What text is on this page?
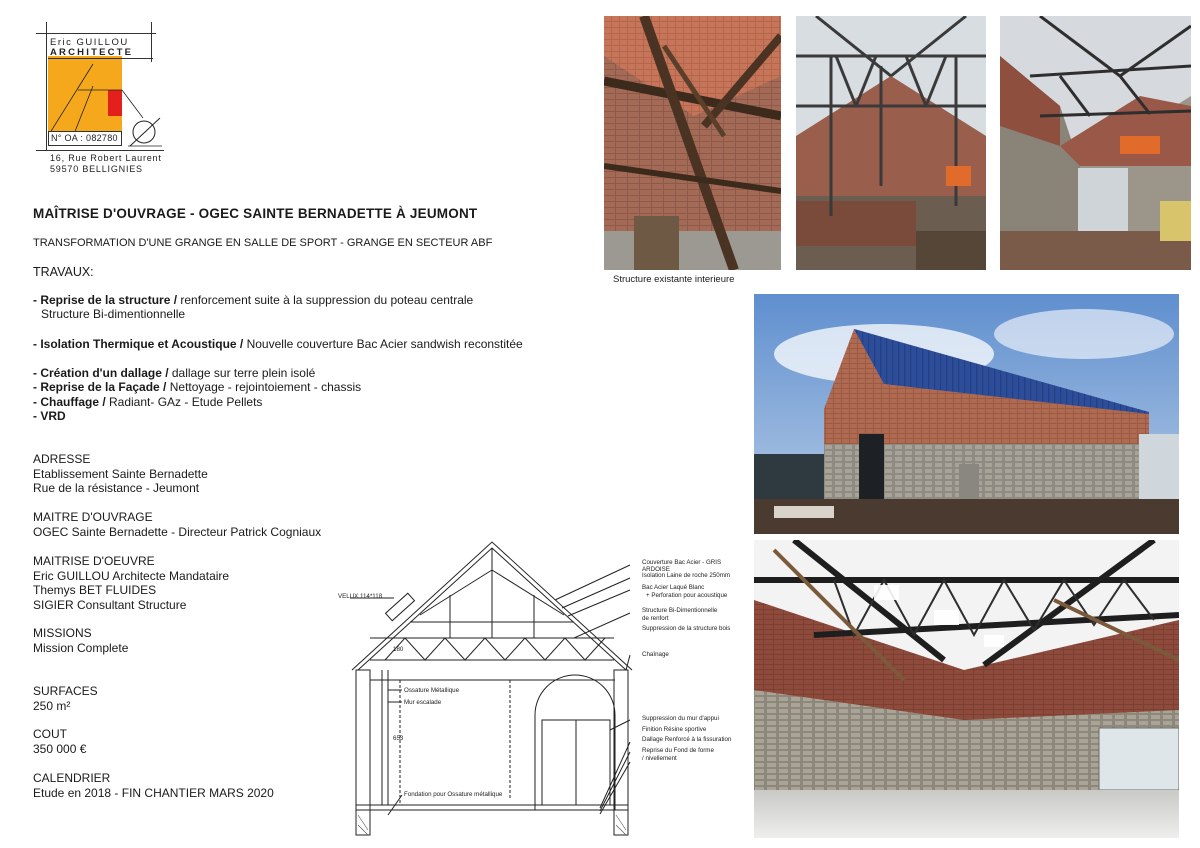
Eric GUILLOU
ARCHITECTE
N° OA : 082780
16, Rue Robert Laurent
59570 BELLIGNIES
MAÎTRISE D'OUVRAGE - OGEC SAINTE BERNADETTE À JEUMONT
TRANSFORMATION D'UNE GRANGE EN SALLE DE SPORT - GRANGE EN SECTEUR ABF
TRAVAUX:
- Reprise de la structure / renforcement suite à la suppression du poteau centrale
Structure Bi-dimentionnelle
- Isolation Thermique et Acoustique / Nouvelle couverture Bac Acier sandwish reconstitée
- Création d'un dallage / dallage sur terre plein isolé
- Reprise de la Façade / Nettoyage - rejointoiement - chassis
- Chauffage / Radiant- GAz - Etude Pellets
- VRD
ADRESSE
Etablissement Sainte Bernadette
Rue de la résistance - Jeumont
MAITRE D'OUVRAGE
OGEC Sainte Bernadette - Directeur Patrick Cogniaux
MAITRISE D'OEUVRE
Eric GUILLOU Architecte Mandataire
Themys BET FLUIDES
SIGIER Consultant Structure
MISSIONS
Mission Complete
SURFACES
250 m²
COUT
350 000 €
CALENDRIER
Etude en 2018 - FIN CHANTIER MARS 2020
Structure existante interieure
VELUX 114*118
180
653
Ossature Métallique
Mur escalade
Fondation pour Ossature métallique
Couverture Bac Acier - GRIS ARDOISE
Isolation Laine de roche 250mm
Bac Acier Laqué Blanc
+ Perforation pour acoustique
Structure Bi-Dimentionnelle
de renfort
Suppression de la structure bois
Chaînage
Suppression du mur d'appui
Finition Résine sportive
Dallage Renforcé à la fissuration
Reprise du Fond de forme
/ nivellement
